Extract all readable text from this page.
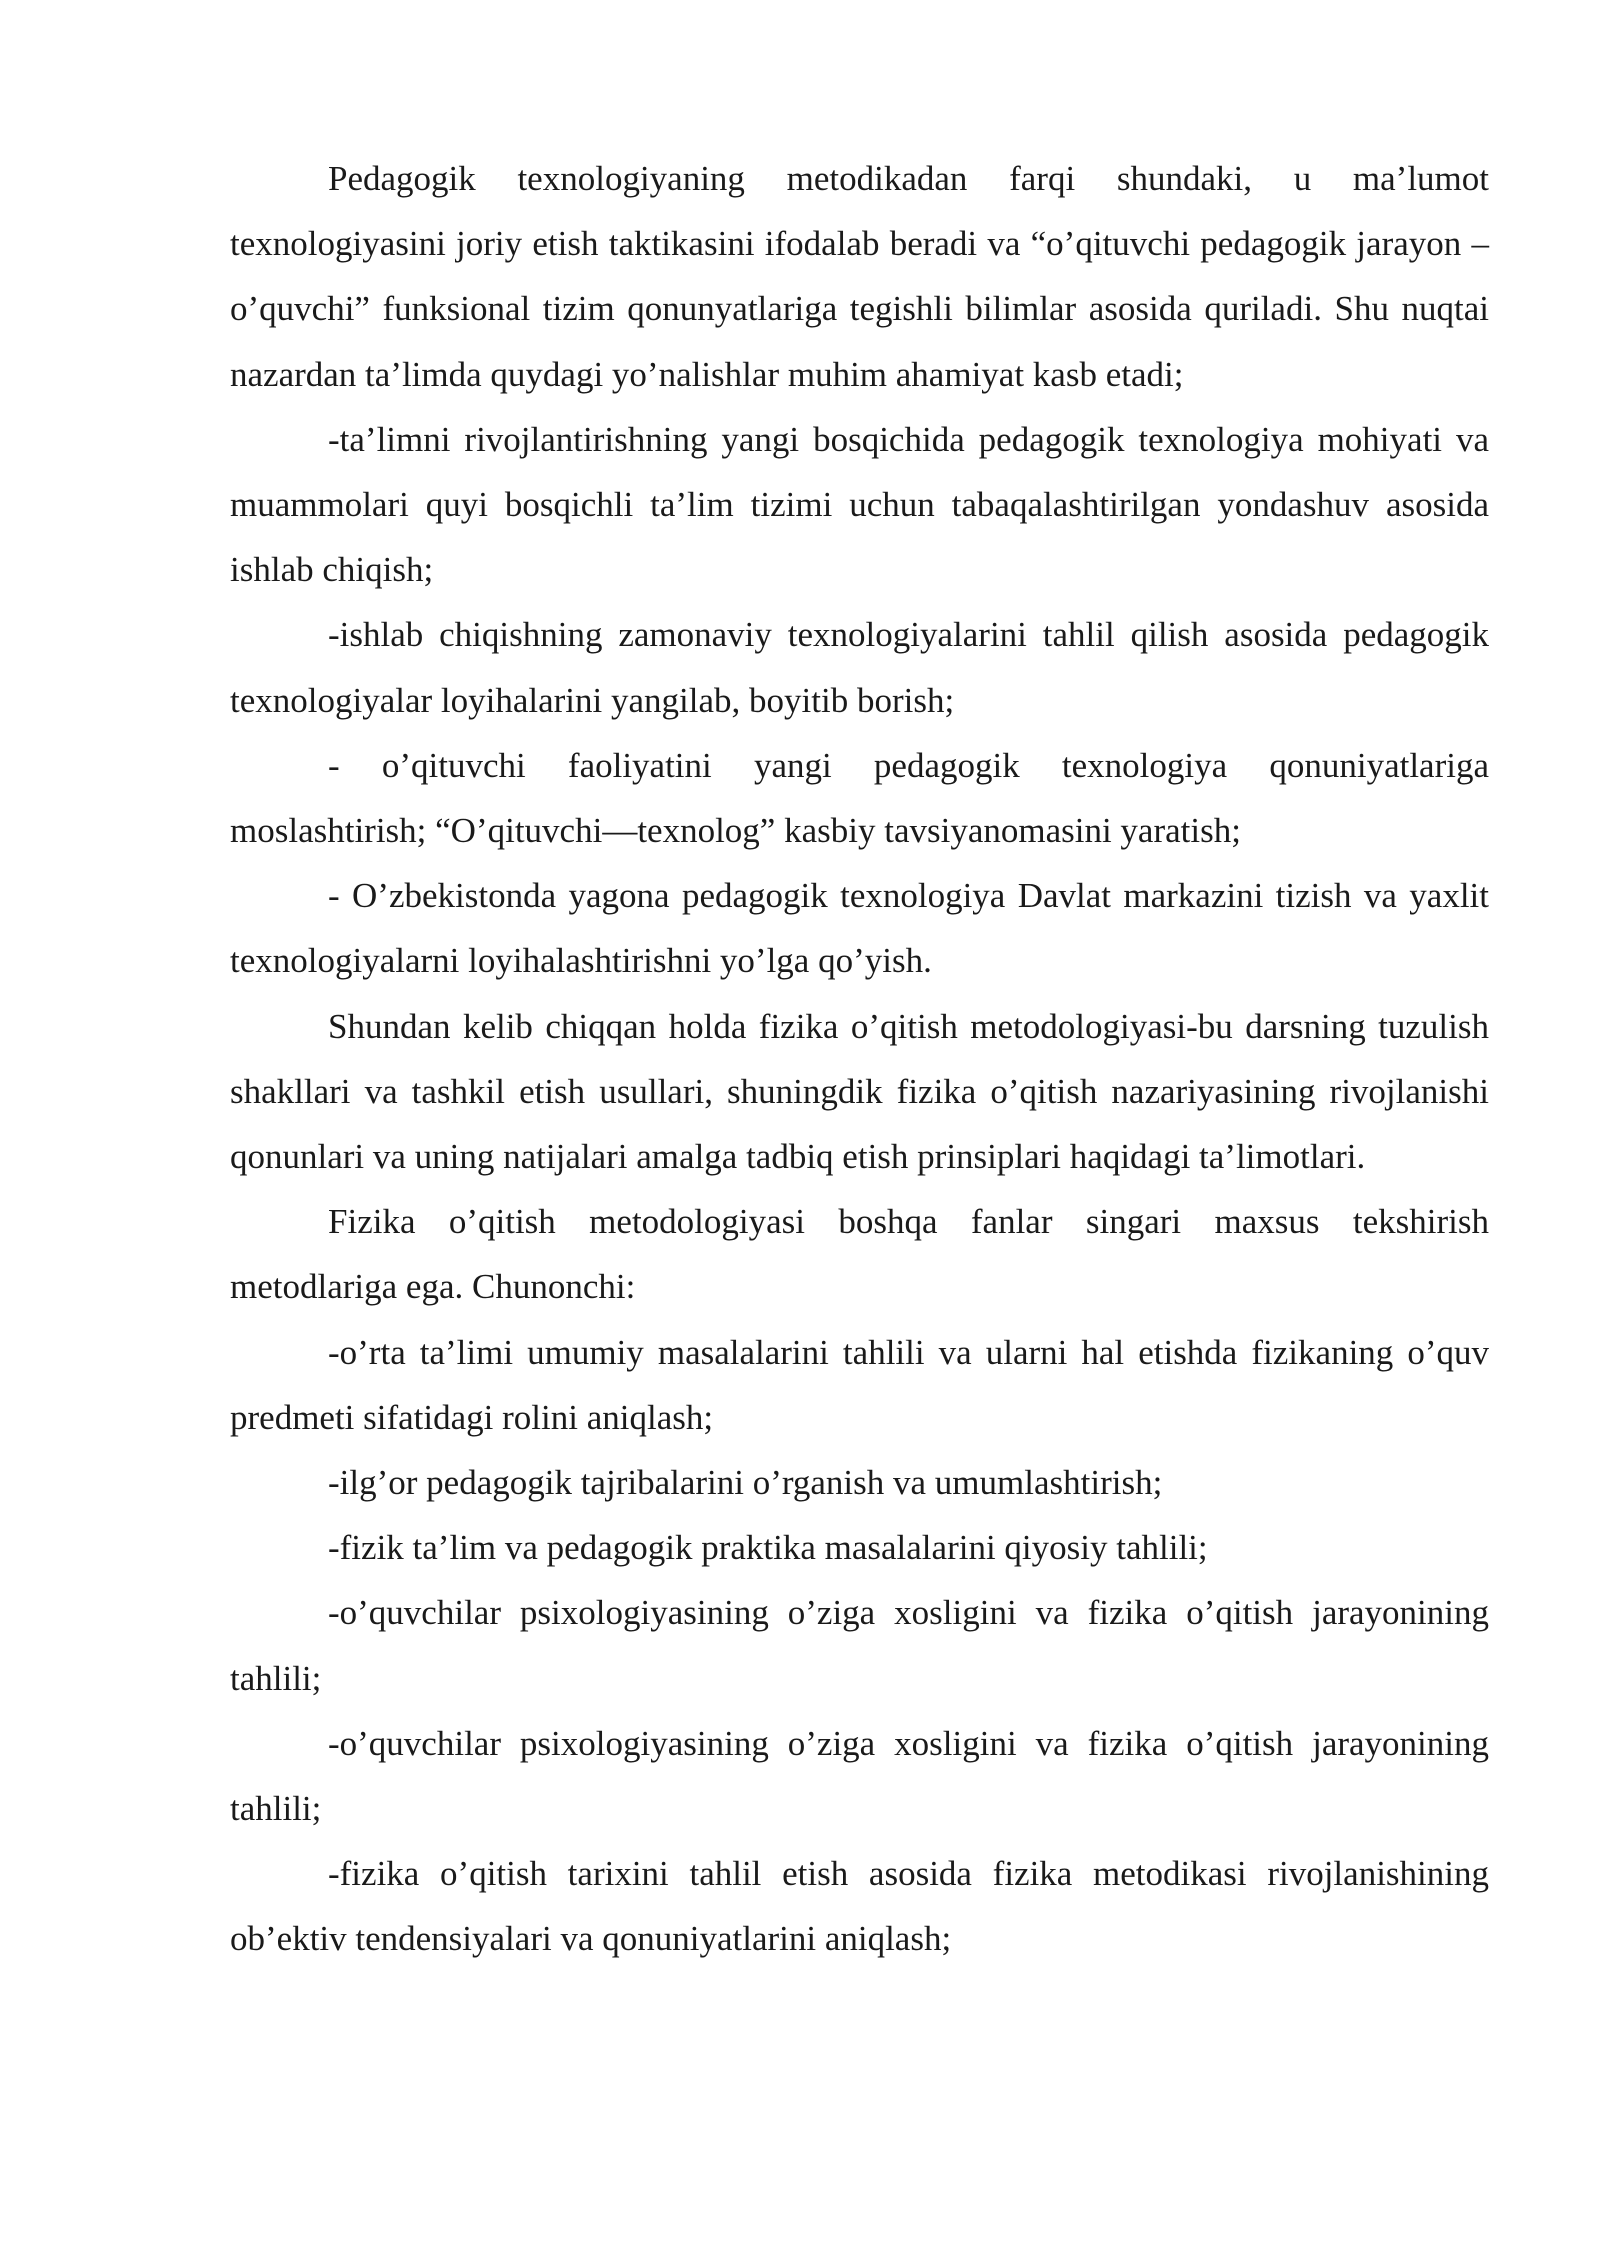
Pedagogik texnologiyaning metodikadan farqi shundaki, u ma’lumot texnologiyasini joriy etish taktikasini ifodalab beradi va “o’qituvchi pedagogik jarayon – o’quvchi” funksional tizim qonunyatlariga tegishli bilimlar asosida quriladi. Shu nuqtai nazardan ta’limda quydagi yo’nalishlar muhim ahamiyat kasb etadi;

-ta’limni rivojlantirishning yangi bosqichida pedagogik texnologiya mohiyati va muammolari quyi bosqichli ta’lim tizimi uchun tabaqalashtirilgan yondashuv asosida ishlab chiqish;

-ishlab chiqishning zamonaviy texnologiyalarini tahlil qilish asosida pedagogik texnologiyalar loyihalarini yangilab, boyitib borish;

- o’qituvchi faoliyatini yangi pedagogik texnologiya qonuniyatlariga moslashtirish; “O’qituvchi—texnolog” kasbiy tavsiyanomasini yaratish;

- O’zbekistonda yagona pedagogik texnologiya Davlat markazini tizish va yaxlit texnologiyalarni loyihalashtirishni yo’lga qo’yish.

Shundan kelib chiqqan holda fizika o’qitish metodologiyasi-bu darsning tuzulish shakllari va tashkil etish usullari, shuningdik fizika o’qitish nazariyasining rivojlanishi qonunlari va uning natijalari amalga tadbiq etish prinsiplari haqidagi ta’limotlari.

Fizika o’qitish metodologiyasi boshqa fanlar singari maxsus tekshirish metodlariga ega. Chunonchi:

-o’rta ta’limi umumiy masalalarini tahlili va ularni hal etishda fizikaning o’quv predmeti sifatidagi rolini aniqlash;

-ilg’or pedagogik tajribalarini o’rganish va umumlashtirish;

-fizik ta’lim va pedagogik praktika masalalarini qiyosiy tahlili;

-o’quvchilar psixologiyasining o’ziga xosligini va fizika o’qitish jarayonining tahlili;

-o’quvchilar psixologiyasining o’ziga xosligini va fizika o’qitish jarayonining tahlili;

-fizika o’qitish tarixini tahlil etish asosida fizika metodikasi rivojlanishining ob’ektiv tendensiyalari va qonuniyatlarini aniqlash;
